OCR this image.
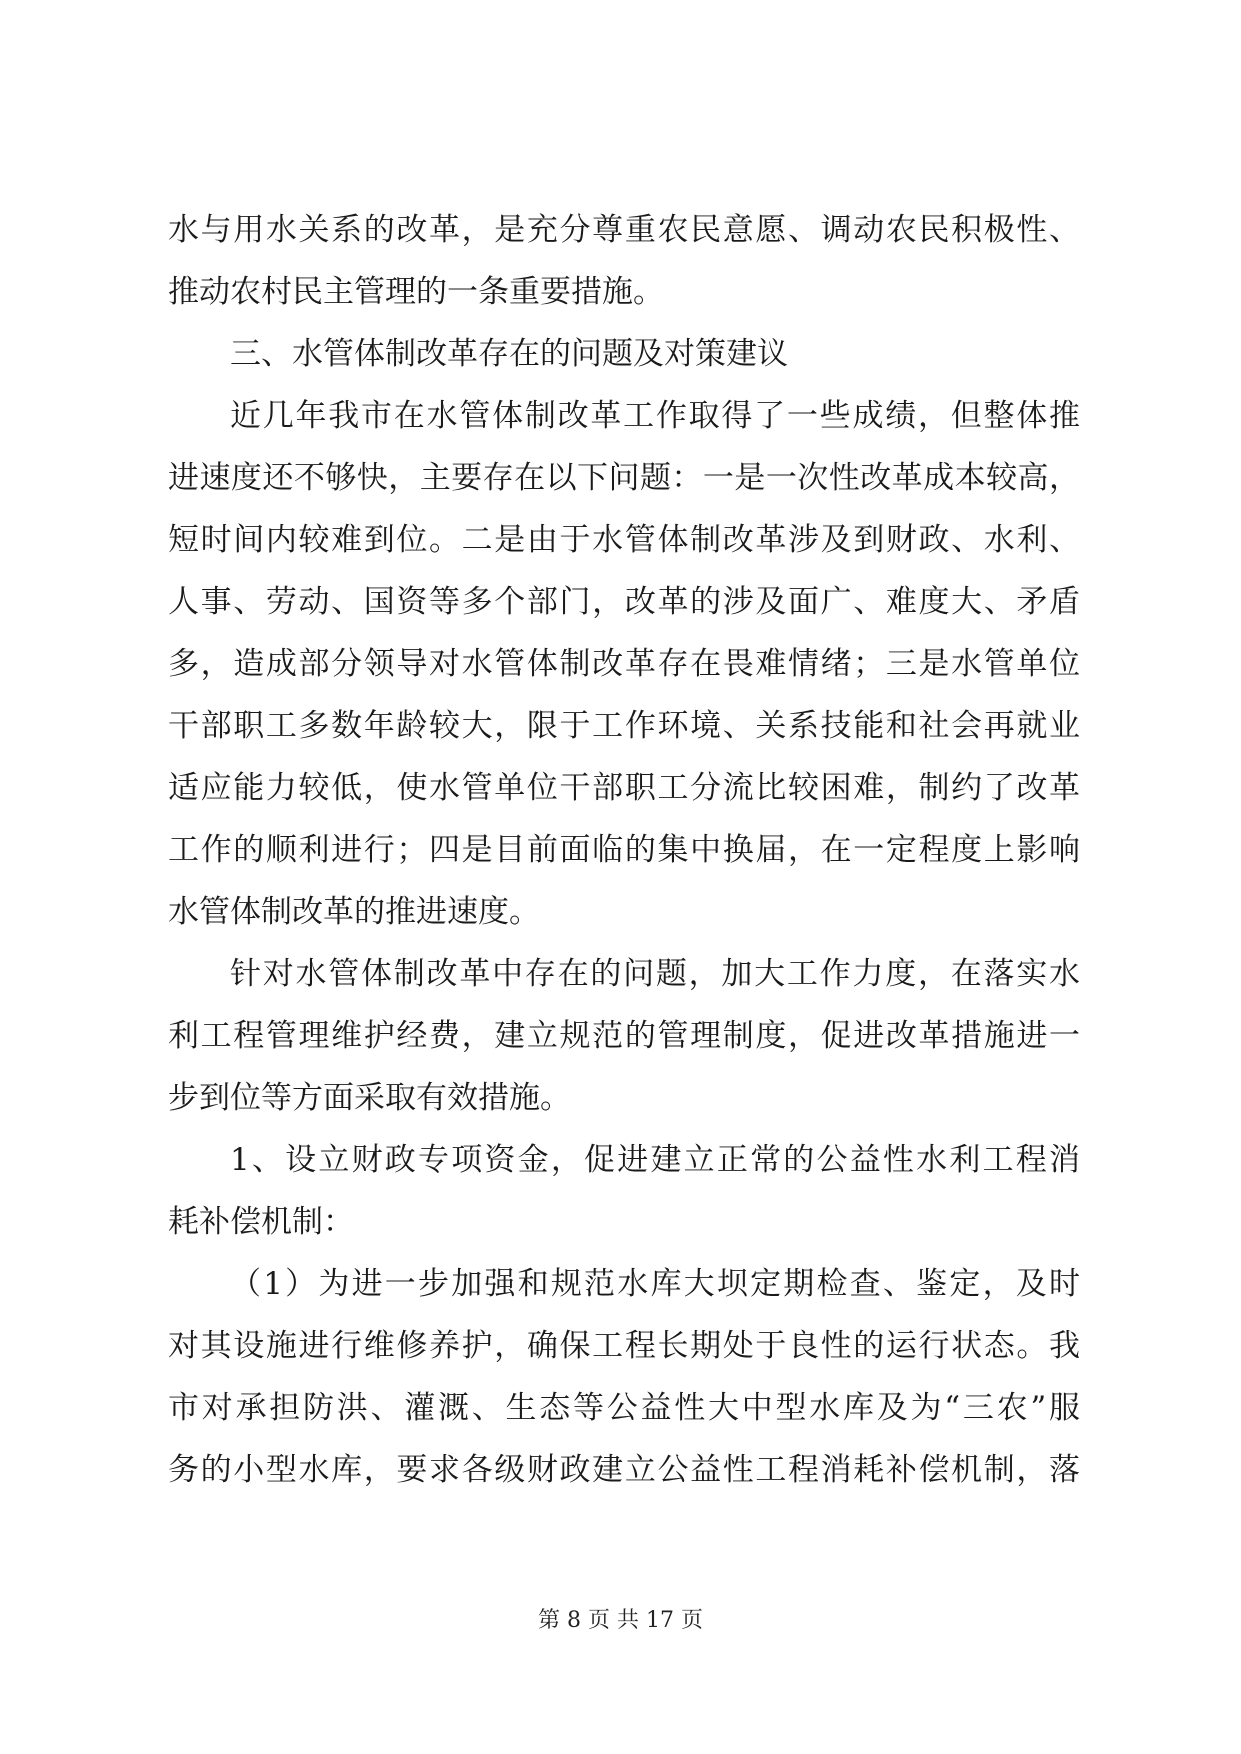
水与用水关系的改革，是充分尊重农民意愿、调动农民积极性、
推动农村民主管理的一条重要措施。
三、水管体制改革存在的问题及对策建议
近几年我市在水管体制改革工作取得了一些成绩，但整体推
进速度还不够快，主要存在以下问题：一是一次性改革成本较高，
短时间内较难到位。二是由于水管体制改革涉及到财政、水利、
人事、劳动、国资等多个部门，改革的涉及面广、难度大、矛盾
多，造成部分领导对水管体制改革存在畏难情绪；三是水管单位
干部职工多数年龄较大，限于工作环境、关系技能和社会再就业
适应能力较低，使水管单位干部职工分流比较困难，制约了改革
工作的顺利进行；四是目前面临的集中换届，在一定程度上影响
水管体制改革的推进速度。
针对水管体制改革中存在的问题，加大工作力度，在落实水
利工程管理维护经费，建立规范的管理制度，促进改革措施进一
步到位等方面采取有效措施。
1、设立财政专项资金，促进建立正常的公益性水利工程消
耗补偿机制：
（1）为进一步加强和规范水库大坝定期检查、鉴定，及时
对其设施进行维修养护，确保工程长期处于良性的运行状态。我
市对承担防洪、灌溉、生态等公益性大中型水库及为“三农”服
务的小型水库，要求各级财政建立公益性工程消耗补偿机制，落
第 8 页 共 17 页
